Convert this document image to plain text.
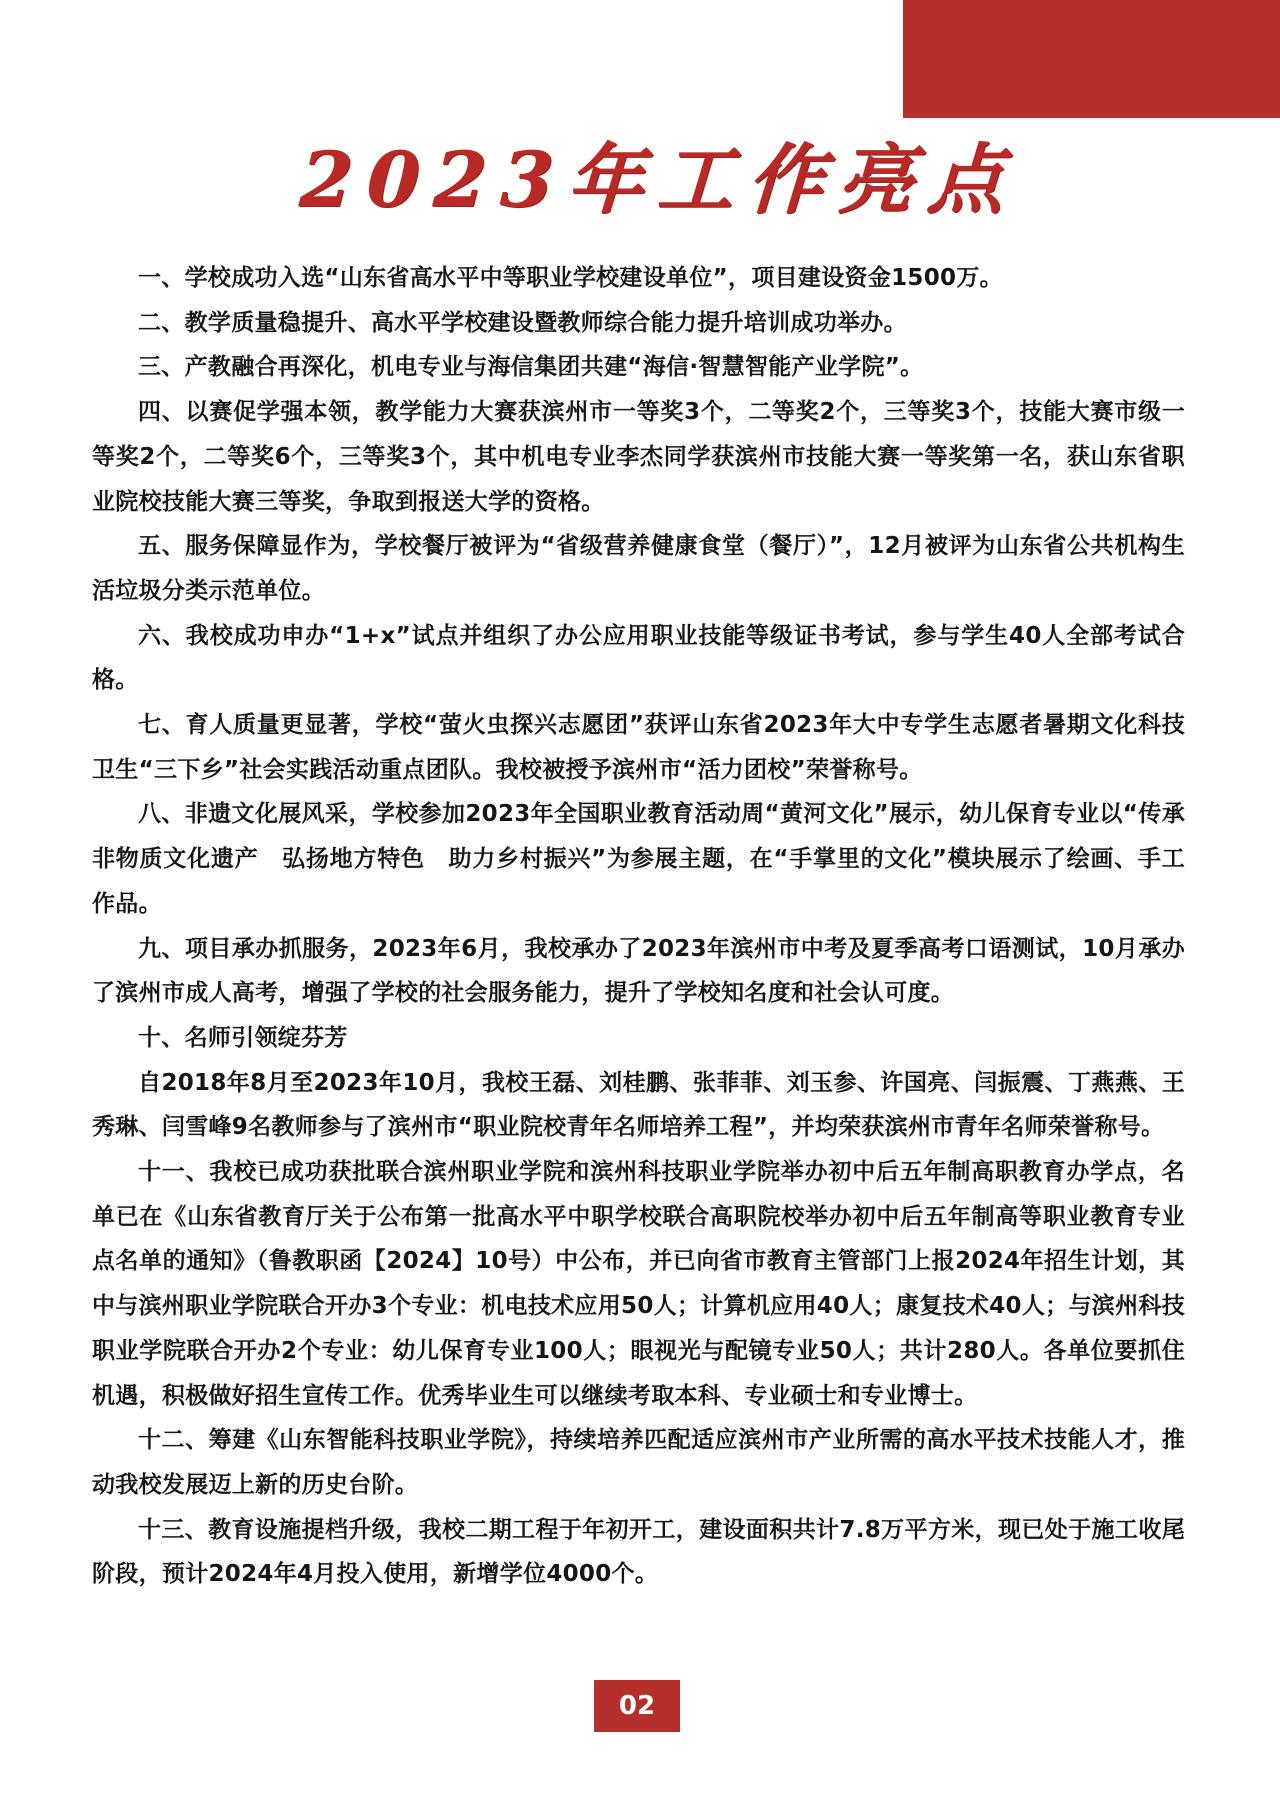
2023年工作亮点

一、学校成功入选“山东省高水平中等职业学校建设单位”，项目建设资金1500万。

二、教学质量稳提升、高水平学校建设暨教师综合能力提升培训成功举办。

三、产教融合再深化，机电专业与海信集团共建“海信·智慧智能产业学院”。

四、以赛促学强本领，教学能力大赛获滨州市一等奖3个，二等奖2个，三等奖3个，技能大赛市级一等奖2个，二等奖6个，三等奖3个，其中机电专业李杰同学获滨州市技能大赛一等奖第一名，获山东省职业院校技能大赛三等奖，争取到报送大学的资格。

五、服务保障显作为，学校餐厅被评为“省级营养健康食堂（餐厅）”，12月被评为山东省公共机构生活垃圾分类示范单位。

六、我校成功申办“1+x”试点并组织了办公应用职业技能等级证书考试，参与学生40人全部考试合格。

七、育人质量更显著，学校“萤火虫探兴志愿团”获评山东省2023年大中专学生志愿者暑期文化科技卫生“三下乡”社会实践活动重点团队。我校被授予滨州市“活力团校”荣誉称号。

八、非遗文化展风采，学校参加2023年全国职业教育活动周“黄河文化”展示，幼儿保育专业以“传承非物质文化遗产　弘扬地方特色　助力乡村振兴”为参展主题，在“手掌里的文化”模块展示了绘画、手工作品。

九、项目承办抓服务，2023年6月，我校承办了2023年滨州市中考及夏季高考口语测试，10月承办了滨州市成人高考，增强了学校的社会服务能力，提升了学校知名度和社会认可度。

十、名师引领绽芬芳

自2018年8月至2023年10月，我校王磊、刘桂鹏、张菲菲、刘玉参、许国亮、闫振震、丁燕燕、王秀琳、闫雪峰9名教师参与了滨州市“职业院校青年名师培养工程”，并均荣获滨州市青年名师荣誉称号。

十一、我校已成功获批联合滨州职业学院和滨州科技职业学院举办初中后五年制高职教育办学点，名单已在《山东省教育厅关于公布第一批高水平中职学校联合高职院校举办初中后五年制高等职业教育专业点名单的通知》（鲁教职函【2024】10号）中公布，并已向省市教育主管部门上报2024年招生计划，其中与滨州职业学院联合开办3个专业：机电技术应用50人；计算机应用40人；康复技术40人；与滨州科技职业学院联合开办2个专业：幼儿保育专业100人；眼视光与配镜专业50人；共计280人。各单位要抓住机遇，积极做好招生宣传工作。优秀毕业生可以继续考取本科、专业硕士和专业博士。

十二、筹建《山东智能科技职业学院》，持续培养匹配适应滨州市产业所需的高水平技术技能人才，推动我校发展迈上新的历史台阶。

十三、教育设施提档升级，我校二期工程于年初开工，建设面积共计7.8万平方米，现已处于施工收尾阶段，预计2024年4月投入使用，新增学位4000个。

02
